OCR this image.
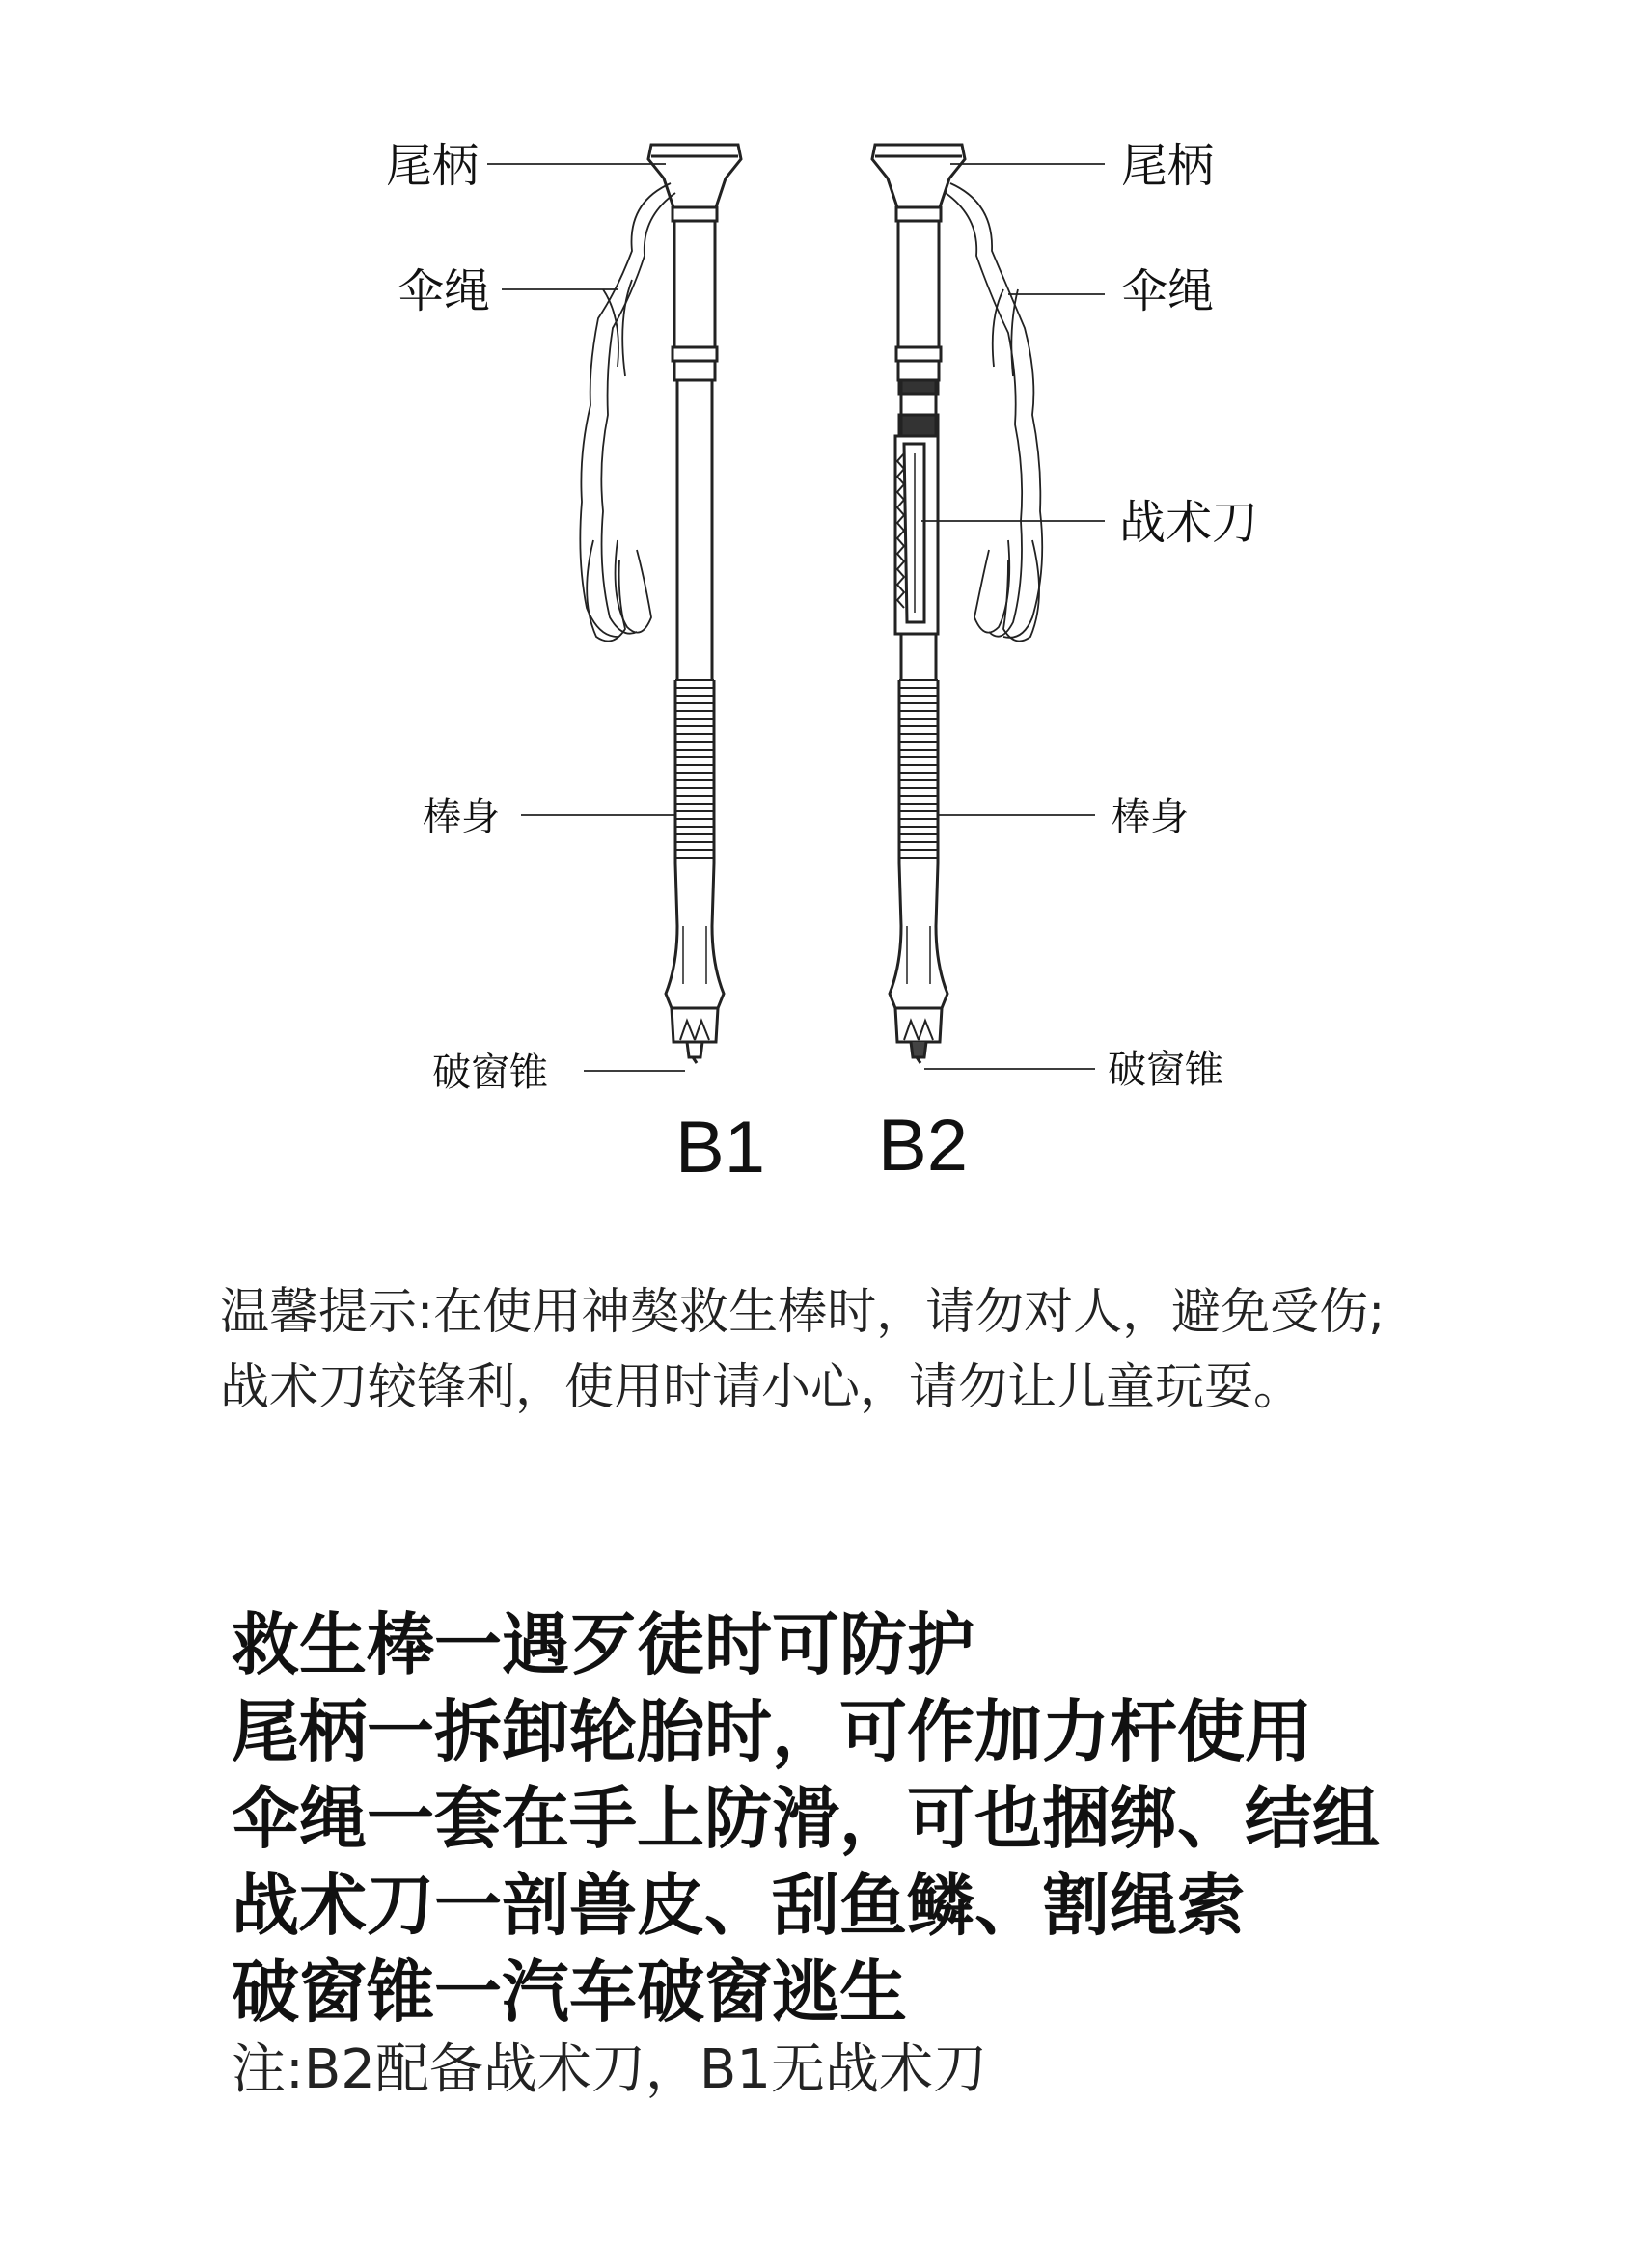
尾柄
伞绳
棒身
破窗锥
尾柄
伞绳
战术刀
棒身
破窗锥
B1 B2
温馨提示:在使用神獒救生棒时，请勿对人，避免受伤;
战术刀较锋利，使用时请小心，请勿让儿童玩耍。
救生棒一遇歹徒时可防护
尾柄一拆卸轮胎时，可作加力杆使用
伞绳一套在手上防滑，可也捆绑、结组
战术刀一剖兽皮、刮鱼鳞、割绳索
破窗锥一汽车破窗逃生
注:B2配备战术刀，B1无战术刀
